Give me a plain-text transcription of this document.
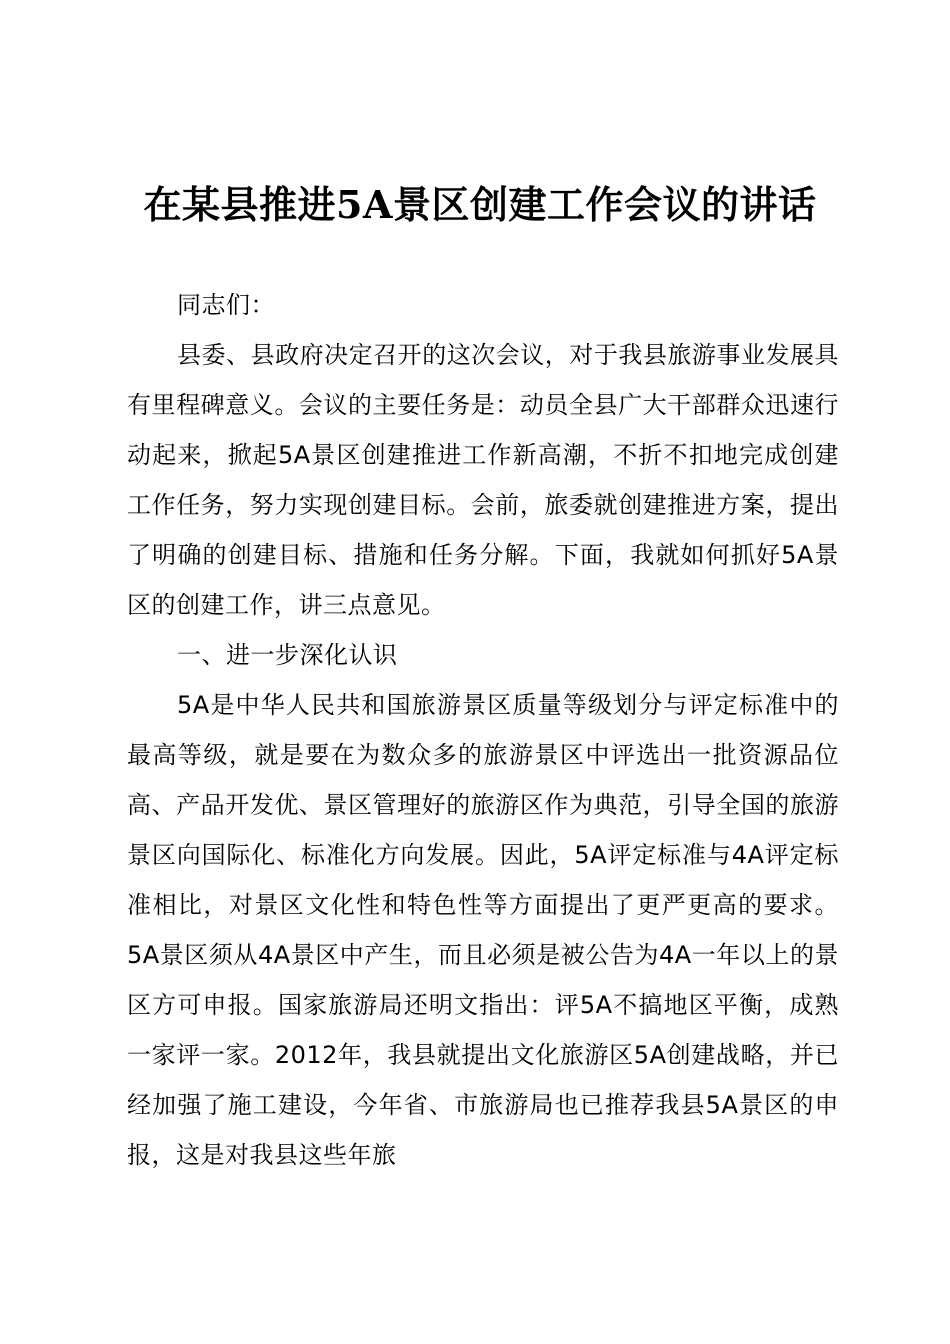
在某县推进5A景区创建工作会议的讲话

同志们：

县委、县政府决定召开的这次会议，对于我县旅游事业发展具有里程碑意义。会议的主要任务是：动员全县广大干部群众迅速行动起来，掀起5A景区创建推进工作新高潮，不折不扣地完成创建工作任务，努力实现创建目标。会前，旅委就创建推进方案，提出了明确的创建目标、措施和任务分解。下面，我就如何抓好5A景区的创建工作，讲三点意见。

一、进一步深化认识

5A是中华人民共和国旅游景区质量等级划分与评定标准中的最高等级，就是要在为数众多的旅游景区中评选出一批资源品位高、产品开发优、景区管理好的旅游区作为典范，引导全国的旅游景区向国际化、标准化方向发展。因此，5A评定标准与4A评定标准相比，对景区文化性和特色性等方面提出了更严更高的要求。5A景区须从4A景区中产生，而且必须是被公告为4A一年以上的景区方可申报。国家旅游局还明文指出：评5A不搞地区平衡，成熟一家评一家。2012年，我县就提出文化旅游区5A创建战略，并已经加强了施工建设，今年省、市旅游局也已推荐我县5A景区的申报，这是对我县这些年旅
